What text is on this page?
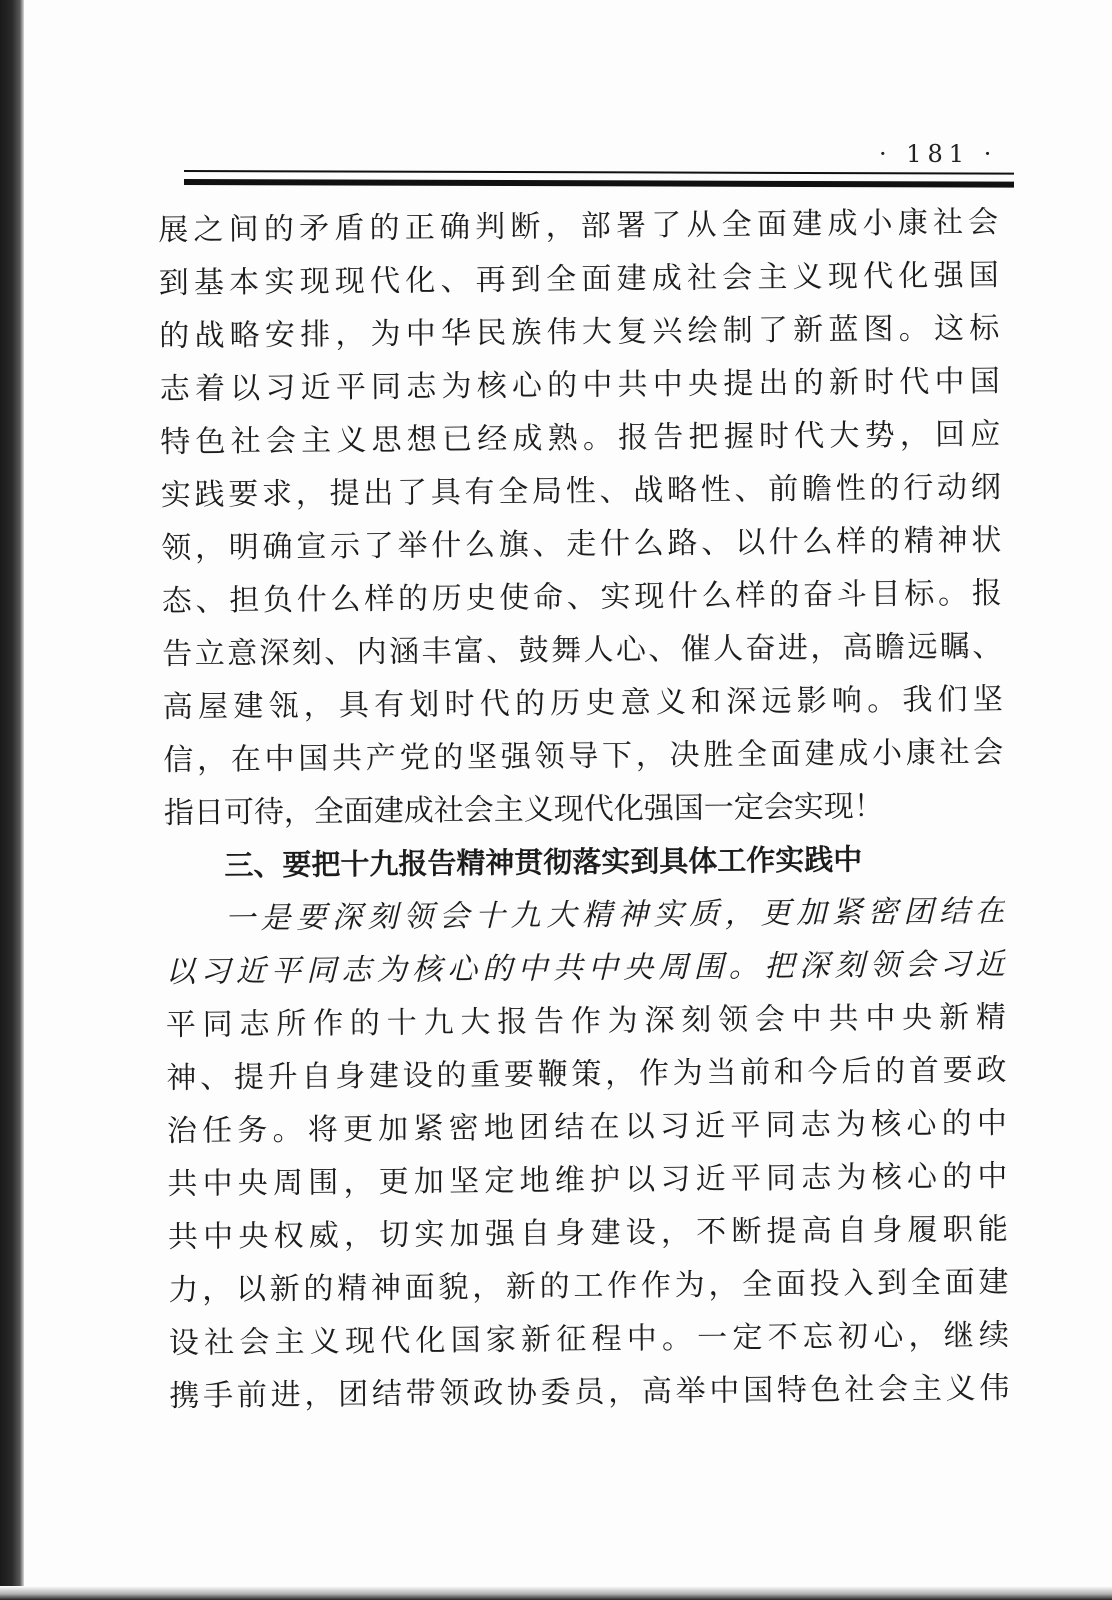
· 181 ·
展之间的矛盾的正确判断，部署了从全面建成小康社会
到基本实现现代化、再到全面建成社会主义现代化强国
的战略安排，为中华民族伟大复兴绘制了新蓝图。这标
志着以习近平同志为核心的中共中央提出的新时代中国
特色社会主义思想已经成熟。报告把握时代大势，回应
实践要求，提出了具有全局性、战略性、前瞻性的行动纲
领，明确宣示了举什么旗、走什么路、以什么样的精神状
态、担负什么样的历史使命、实现什么样的奋斗目标。报
告立意深刻、内涵丰富、鼓舞人心、催人奋进，高瞻远瞩、
高屋建瓴，具有划时代的历史意义和深远影响。我们坚
信，在中国共产党的坚强领导下，决胜全面建成小康社会
指日可待，全面建成社会主义现代化强国一定会实现！
三、要把十九报告精神贯彻落实到具体工作实践中
一是要深刻领会十九大精神实质，更加紧密团结在
以习近平同志为核心的中共中央周围。把深刻领会习近
平同志所作的十九大报告作为深刻领会中共中央新精
神、提升自身建设的重要鞭策，作为当前和今后的首要政
治任务。将更加紧密地团结在以习近平同志为核心的中
共中央周围，更加坚定地维护以习近平同志为核心的中
共中央权威，切实加强自身建设，不断提高自身履职能
力，以新的精神面貌，新的工作作为，全面投入到全面建
设社会主义现代化国家新征程中。一定不忘初心，继续
携手前进，团结带领政协委员，高举中国特色社会主义伟
